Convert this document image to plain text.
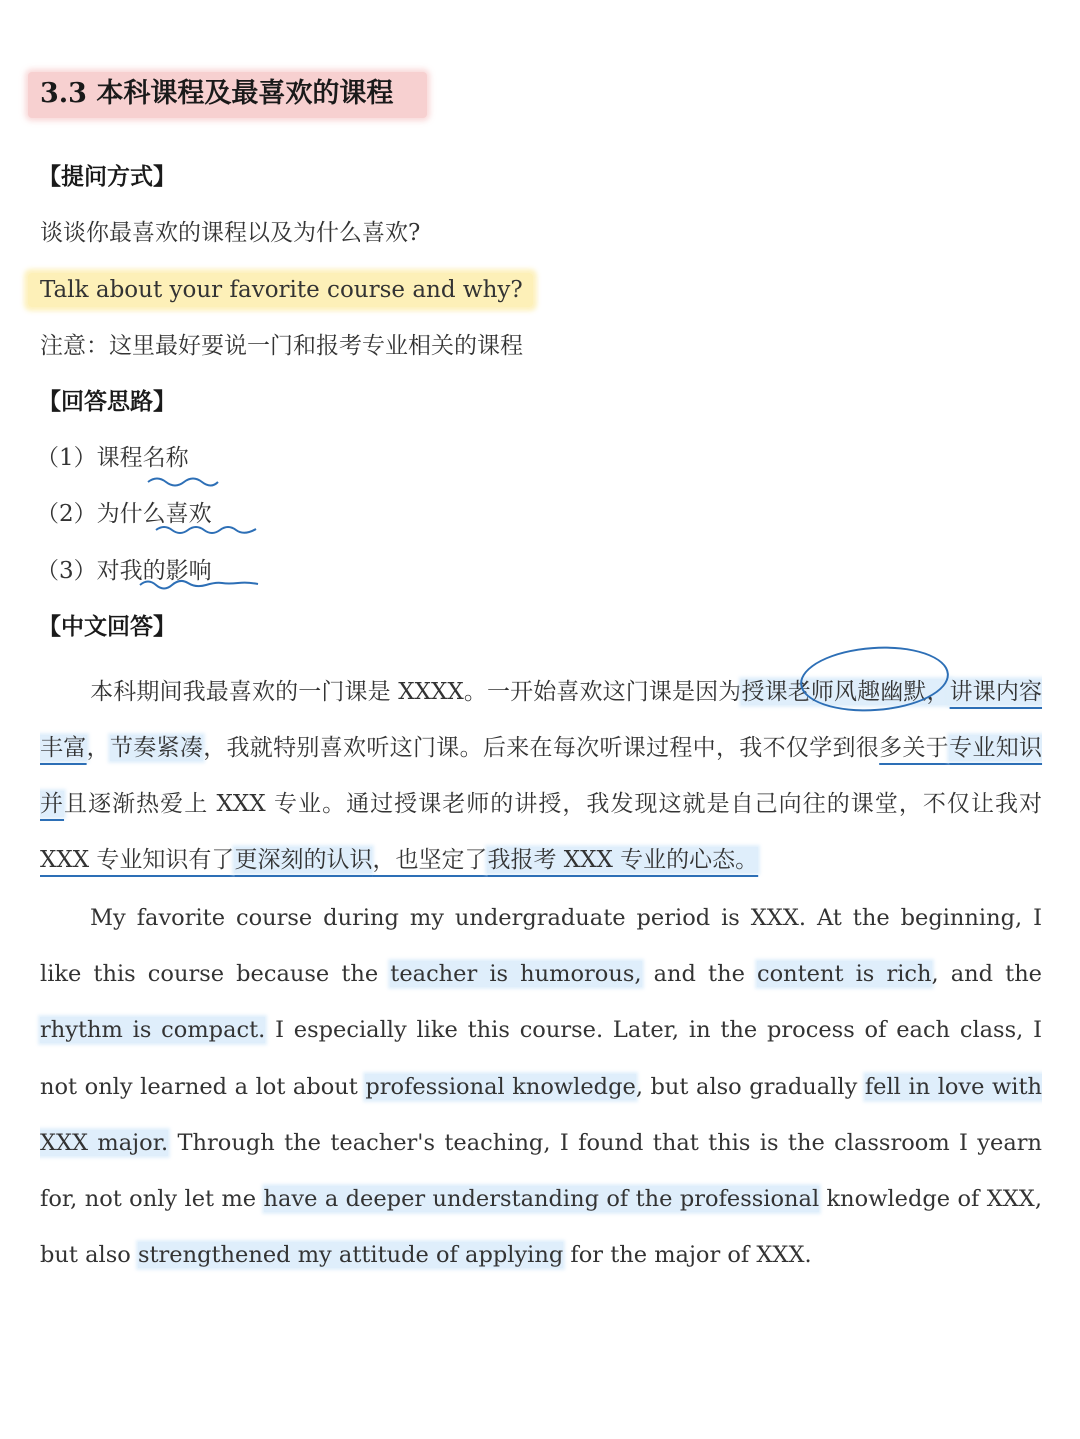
3.3 本科课程及最喜欢的课程
【提问方式】
谈谈你最喜欢的课程以及为什么喜欢?
Talk about your favorite course and why?
注意：这里最好要说一门和报考专业相关的课程
【回答思路】
（1）课程名称
（2）为什么喜欢
（3）对我的影响
【中文回答】
本科期间我最喜欢的一门课是 XXXX。一开始喜欢这门课是因为授课老师风趣幽默，讲课内容丰富，节奏紧凑，我就特别喜欢听这门课。后来在每次听课过程中，我不仅学到很多关于专业知识并且逐渐热爱上 XXX 专业。通过授课老师的讲授，我发现这就是自己向往的课堂，不仅让我对XXX 专业知识有了更深刻的认识，也坚定了我报考 XXX 专业的心态。
My favorite course during my undergraduate period is XXX. At the beginning, I like this course because the teacher is humorous, and the content is rich, and the rhythm is compact. I especially like this course. Later, in the process of each class, I not only learned a lot about professional knowledge, but also gradually fell in love with XXX major. Through the teacher's teaching, I found that this is the classroom I yearn for, not only let me have a deeper understanding of the professional knowledge of XXX, but also strengthened my attitude of applying for the major of XXX.
